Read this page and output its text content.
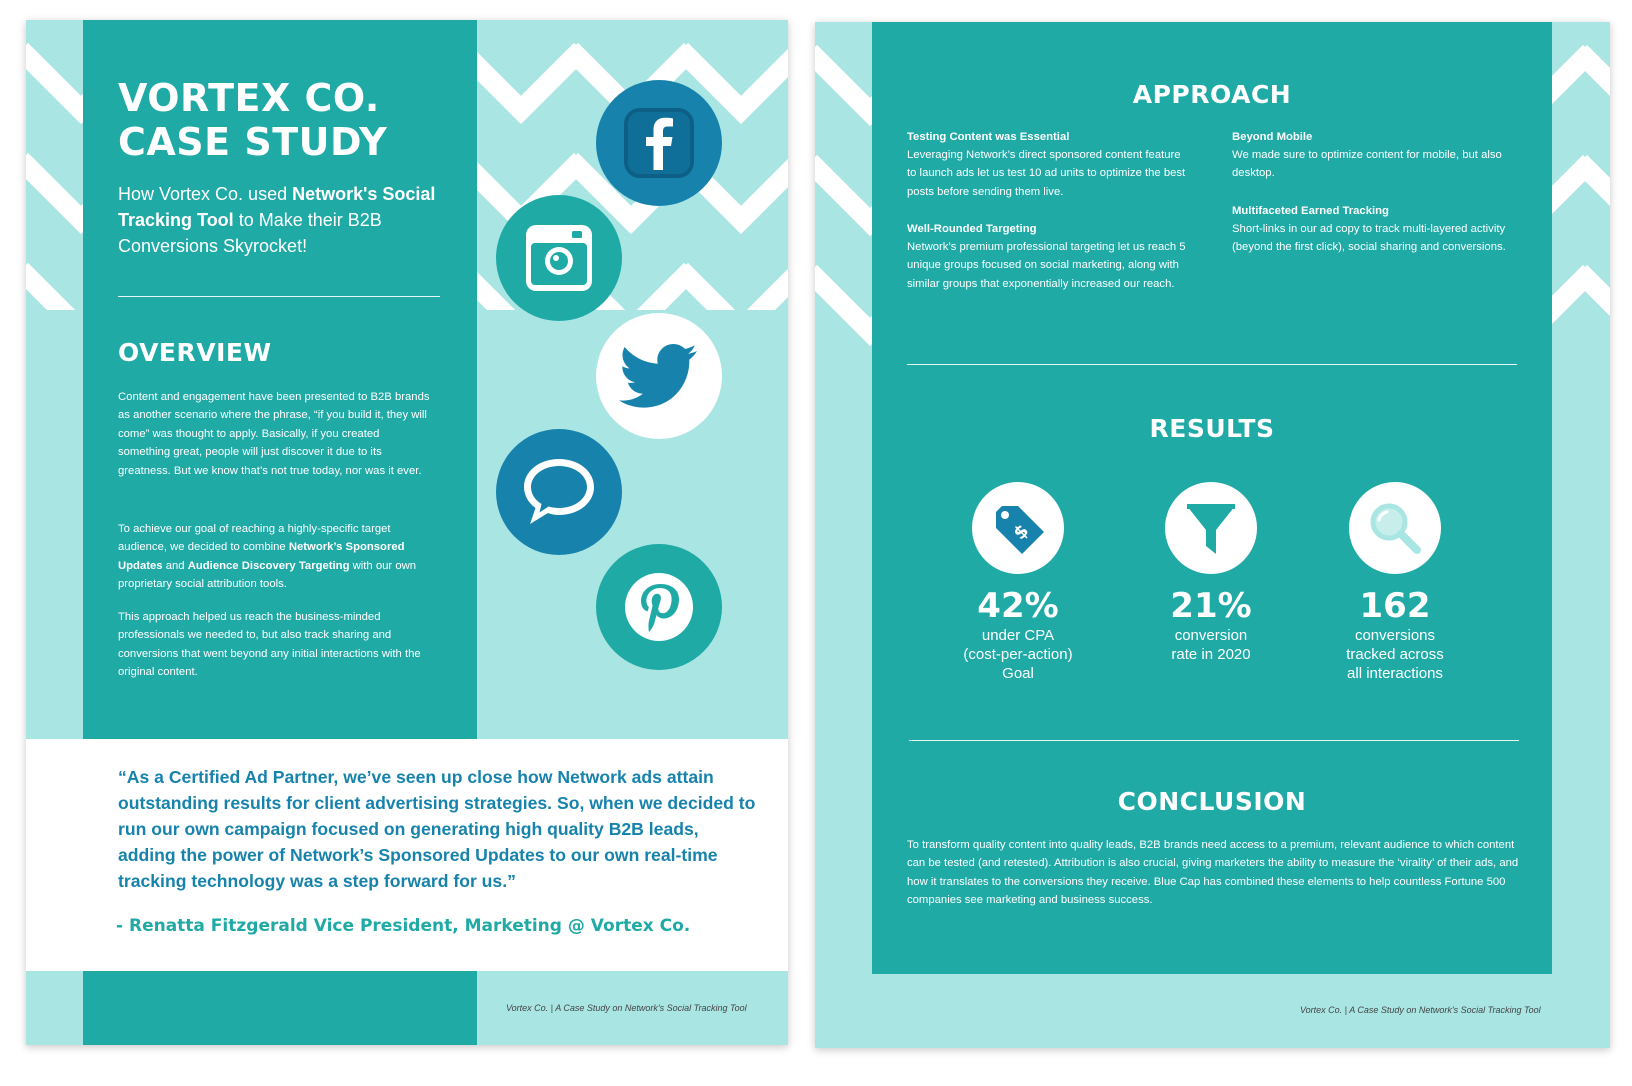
VORTEX CO.
CASE STUDY
How Vortex Co. used Network's Social Tracking Tool to Make their B2B Conversions Skyrocket!
OVERVIEW

Content and engagement have been presented to B2B brands as another scenario where the phrase, “if you build it, they will come” was thought to apply. Basically, if you created something great, people will just discover it due to its greatness. But we know that’s not true today, nor was it ever.

To achieve our goal of reaching a highly-specific target audience, we decided to combine Network’s Sponsored Updates and Audience Discovery Targeting with our own proprietary social attribution tools.

This approach helped us reach the business-minded professionals we needed to, but also track sharing and conversions that went beyond any initial interactions with the original content.

“As a Certified Ad Partner, we’ve seen up close how Network ads attain outstanding results for client advertising strategies. So, when we decided to run our own campaign focused on generating high quality B2B leads, adding the power of Network’s Sponsored Updates to our own real-time tracking technology was a step forward for us.”

- Renatta Fitzgerald Vice President, Marketing @ Vortex Co.
Vortex Co. | A Case Study on Network's Social Tracking Tool
APPROACH
Testing Content was Essential
Leveraging Network’s direct sponsored content feature to launch ads let us test 10 ad units to optimize the best posts before sending them live.
Well-Rounded Targeting
Network’s premium professional targeting let us reach 5 unique groups focused on social marketing, along with similar groups that exponentially increased our reach.
Beyond Mobile
We made sure to optimize content for mobile, but also desktop.
Multifaceted Earned Tracking
Short-links in our ad copy to track multi-layered activity (beyond the first click), social sharing and conversions.
RESULTS
$
42%
under CPA
(cost-per-action)
Goal
21%
conversion
rate in 2020
162
conversions
tracked across
all interactions
CONCLUSION

To transform quality content into quality leads, B2B brands need access to a premium, relevant audience to which content can be tested (and retested). Attribution is also crucial, giving marketers the ability to measure the ‘virality’ of their ads, and how it translates to the conversions they receive. Blue Cap has combined these elements to help countless Fortune 500 companies see marketing and business success.

Vortex Co. | A Case Study on Network's Social Tracking Tool
